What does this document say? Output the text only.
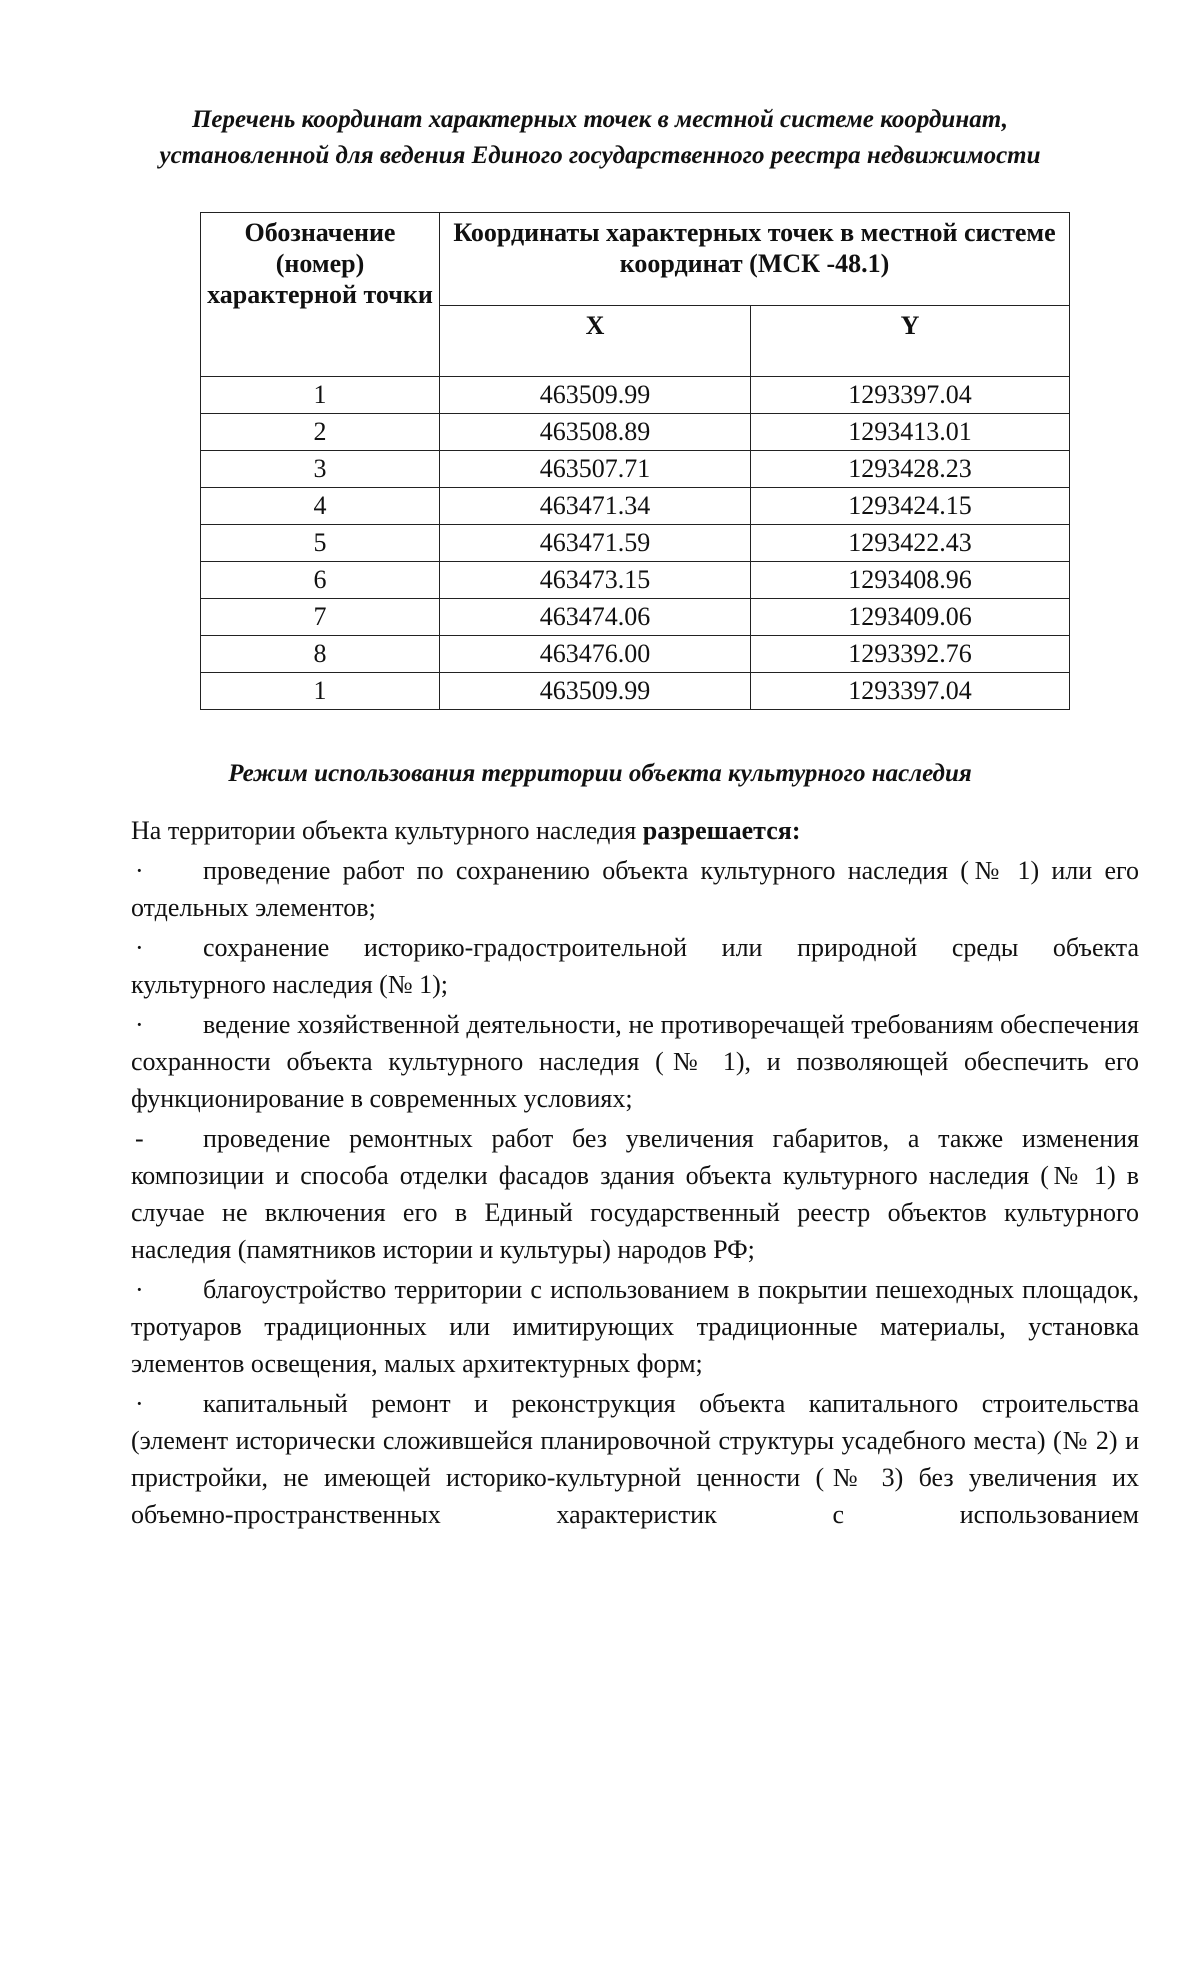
Перечень координат характерных точек в местной системе координат,
установленной для ведения Единого государственного реестра недвижимости
Обозначение (номер) характерной точки	Координаты характерных точек в местной системе координат (МСК -48.1)	
	X	Y
1	463509.99	1293397.04
2	463508.89	1293413.01
3	463507.71	1293428.23
4	463471.34	1293424.15
5	463471.59	1293422.43
6	463473.15	1293408.96
7	463474.06	1293409.06
8	463476.00	1293392.76
1	463509.99	1293397.04
Режим использования территории объекта культурного наследия

На территории объекта культурного наследия разрешается:

· проведение работ по сохранению объекта культурного наследия (№ 1) или его отдельных элементов;
· сохранение историко-градостроительной или природной среды объекта культурного наследия (№ 1);
· ведение хозяйственной деятельности, не противоречащей требованиям обеспечения сохранности объекта культурного наследия (№ 1), и позволяющей обеспечить его функционирование в современных условиях;
- проведение ремонтных работ без увеличения габаритов, а также изменения композиции и способа отделки фасадов здания объекта культурного наследия (№ 1) в случае не включения его в Единый государственный реестр объектов культурного наследия (памятников истории и культуры) народов РФ;
· благоустройство территории с использованием в покрытии пешеходных площадок, тротуаров традиционных или имитирующих традиционные материалы, установка элементов освещения, малых архитектурных форм;
· капитальный ремонт и реконструкция объекта капитального строительства (элемент исторически сложившейся планировочной структуры усадебного места) (№ 2) и пристройки, не имеющей историко-культурной ценности (№ 3) без увеличения их объемно-пространственных характеристик с использованием
